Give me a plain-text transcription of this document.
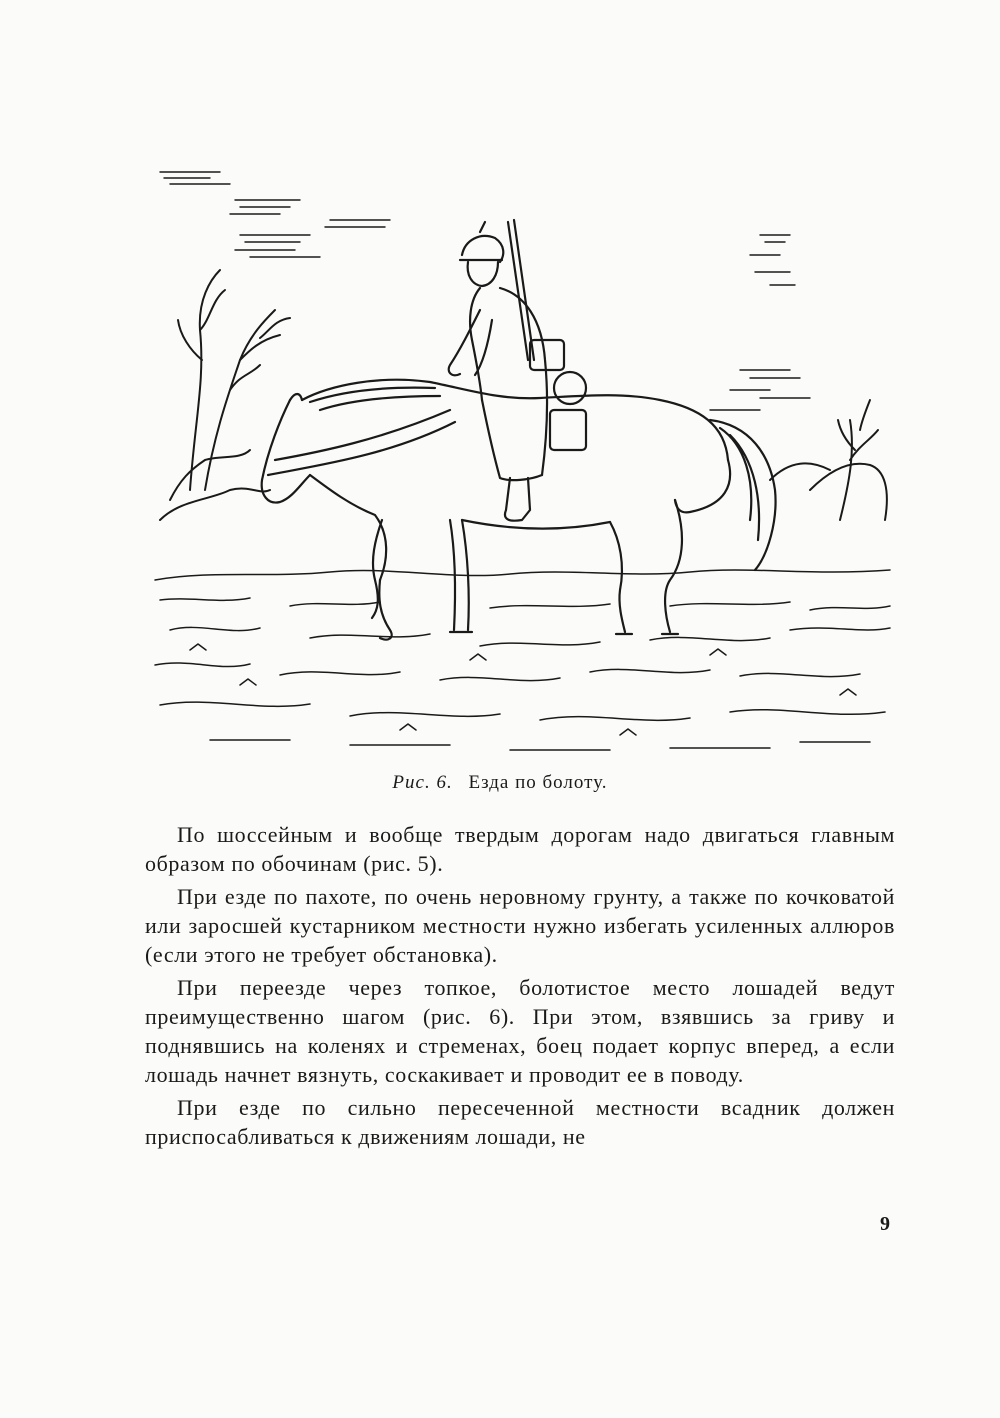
Рис. 6. Езда по болоту.

По шоссейным и вообще твердым дорогам надо двигаться главным образом по обочинам (рис. 5).

При езде по пахоте, по очень неровному грунту, а также по кочковатой или заросшей кустарником местности нужно избегать усиленных аллюров (если этого не требует обстановка).

При переезде через топкое, болотистое место лошадей ведут преимущественно шагом (рис. 6). При этом, взявшись за гриву и поднявшись на коленях и стременах, боец подает корпус вперед, а если лошадь начнет вязнуть, соскакивает и проводит ее в поводу.

При езде по сильно пересеченной местности всадник должен приспосабливаться к движениям лошади, не

9
